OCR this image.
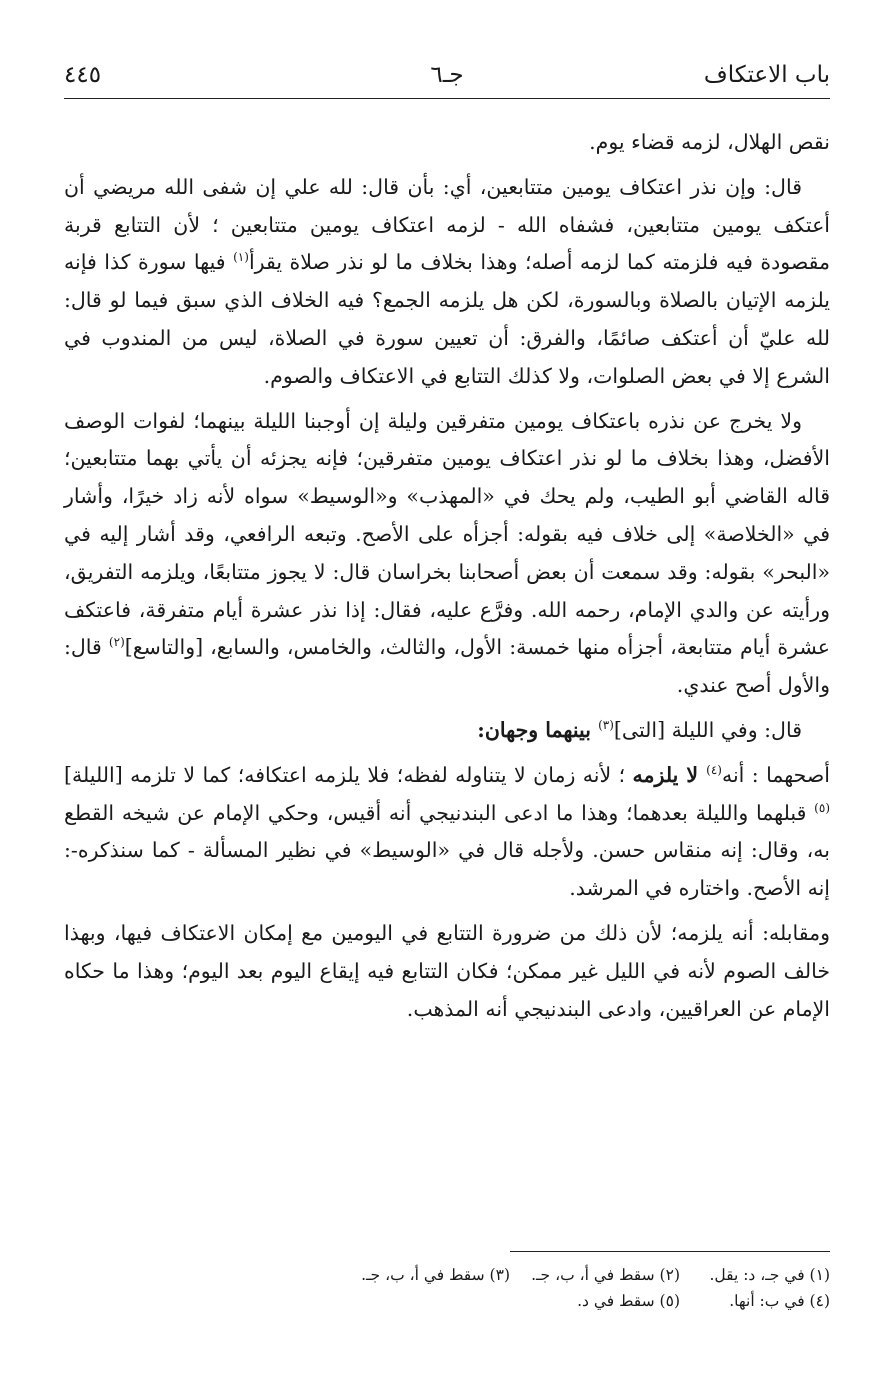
باب الاعتكاف
جـ٦
٤٤٥

نقص الهلال، لزمه قضاء يوم.

قال: وإن نذر اعتكاف يومين متتابعين، أي: بأن قال: لله علي إن شفى الله مريضي أن أعتكف يومين متتابعين، فشفاه الله - لزمه اعتكاف يومين متتابعين ؛ لأن التتابع قربة مقصودة فيه فلزمته كما لزمه أصله؛ وهذا بخلاف ما لو نذر صلاة يقرأ$^{(١)}$ فيها سورة كذا فإنه يلزمه الإتيان بالصلاة وبالسورة، لكن هل يلزمه الجمع؟ فيه الخلاف الذي سبق فيما لو قال: لله عليّ أن أعتكف صائمًا، والفرق: أن تعيين سورة في الصلاة، ليس من المندوب في الشرع إلا في بعض الصلوات، ولا كذلك التتابع في الاعتكاف والصوم.

ولا يخرج عن نذره باعتكاف يومين متفرقين وليلة إن أوجبنا الليلة بينهما؛ لفوات الوصف الأفضل، وهذا بخلاف ما لو نذر اعتكاف يومين متفرقين؛ فإنه يجزئه أن يأتي بهما متتابعين؛ قاله القاضي أبو الطيب، ولم يحك في «المهذب» و«الوسيط» سواه لأنه زاد خيرًا، وأشار في «الخلاصة» إلى خلاف فيه بقوله: أجزأه على الأصح. وتبعه الرافعي، وقد أشار إليه في «البحر» بقوله: وقد سمعت أن بعض أصحابنا بخراسان قال: لا يجوز متتابعًا، ويلزمه التفريق، ورأيته عن والدي الإمام، رحمه الله. وفرَّع عليه، فقال: إذا نذر عشرة أيام متفرقة، فاعتكف عشرة أيام متتابعة، أجزأه منها خمسة: الأول، والثالث، والخامس، والسابع، [والتاسع]$^{(٢)}$ قال: والأول أصح عندي.

قال: وفي الليلة [التى]$^{(٣)}$ بينهما وجهان:

أصحهما : أنه$^{(٤)}$ لا يلزمه ؛ لأنه زمان لا يتناوله لفظه؛ فلا يلزمه اعتكافه؛ كما لا تلزمه [الليلة]$^{(٥)}$ قبلهما والليلة بعدهما؛ وهذا ما ادعى البندنيجي أنه أقيس، وحكي الإمام عن شيخه القطع به، وقال: إنه منقاس حسن. ولأجله قال في «الوسيط» في نظير المسألة - كما سنذكره-: إنه الأصح. واختاره في المرشد.

ومقابله: أنه يلزمه؛ لأن ذلك من ضرورة التتابع في اليومين مع إمكان الاعتكاف فيها، وبهذا خالف الصوم لأنه في الليل غير ممكن؛ فكان التتابع فيه إيقاع اليوم بعد اليوم؛ وهذا ما حكاه الإمام عن العراقيين، وادعى البندنيجي أنه المذهب.

(١) في جـ، د: يقل.
(٢) سقط في أ، ب، جـ.
(٣) سقط في أ، ب، جـ.
(٤) في ب: أنها.
(٥) سقط في د.
